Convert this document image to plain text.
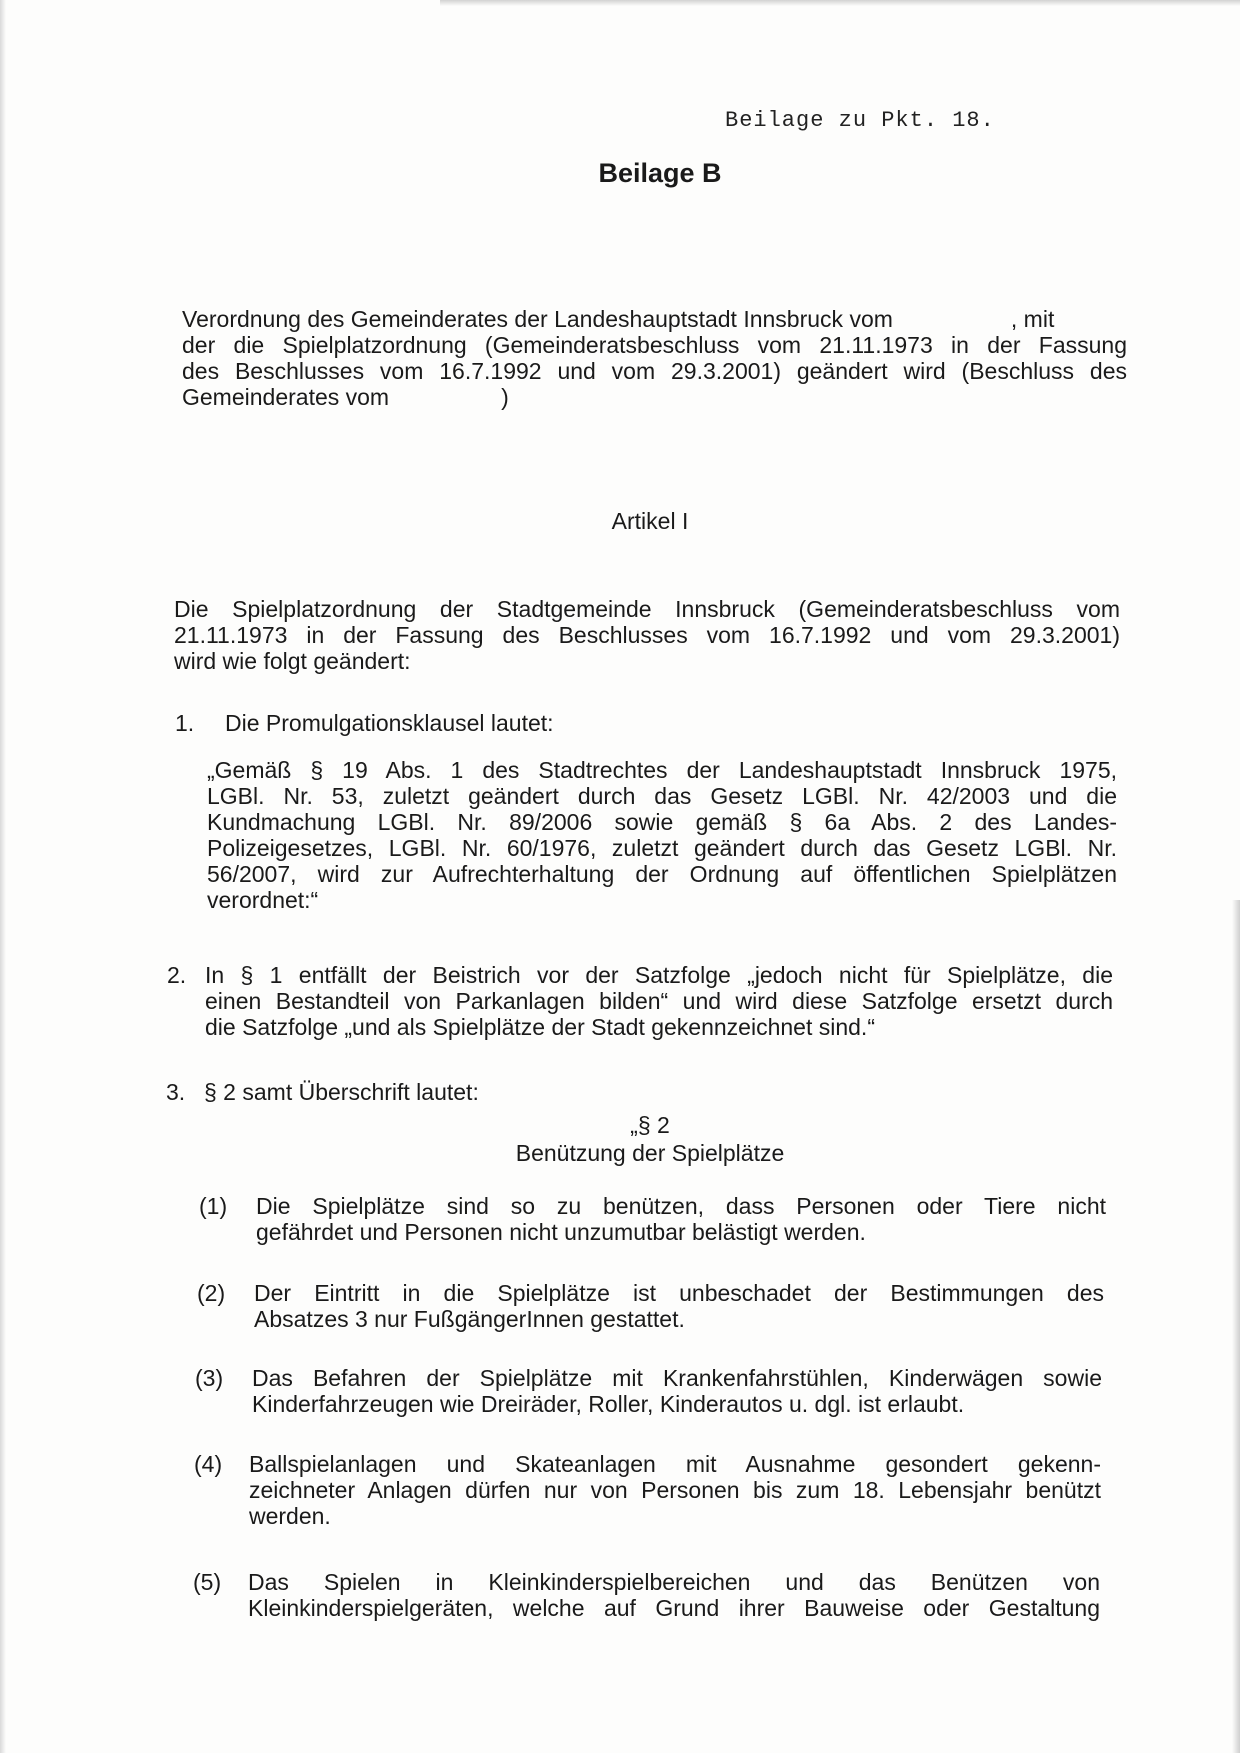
Beilage zu Pkt. 18.
Beilage B
Verordnung des Gemeinderates der Landeshauptstadt Innsbruck vom	, mit
der die Spielplatzordnung (Gemeinderatsbeschluss vom 21.11.1973 in der Fassung
des Beschlusses vom 16.7.1992 und vom 29.3.2001) geändert wird (Beschluss des
Gemeinderates vom	)
Artikel I
Die Spielplatzordnung der Stadtgemeinde Innsbruck (Gemeinderatsbeschluss vom
21.11.1973 in der Fassung des Beschlusses vom 16.7.1992 und vom 29.3.2001)
wird wie folgt geändert:
1. Die Promulgationsklausel lautet:
„Gemäß § 19 Abs. 1 des Stadtrechtes der Landeshauptstadt Innsbruck 1975,
LGBl. Nr. 53, zuletzt geändert durch das Gesetz LGBl. Nr. 42/2003 und die
Kundmachung LGBl. Nr. 89/2006 sowie gemäß § 6a Abs. 2 des Landes-
Polizeigesetzes, LGBl. Nr. 60/1976, zuletzt geändert durch das Gesetz LGBl. Nr.
56/2007, wird zur Aufrechterhaltung der Ordnung auf öffentlichen Spielplätzen
verordnet:“
2. In § 1 entfällt der Beistrich vor der Satzfolge „jedoch nicht für Spielplätze, die
einen Bestandteil von Parkanlagen bilden“ und wird diese Satzfolge ersetzt durch
die Satzfolge „und als Spielplätze der Stadt gekennzeichnet sind.“
3. § 2 samt Überschrift lautet:
„§ 2
Benützung der Spielplätze
(1) Die Spielplätze sind so zu benützen, dass Personen oder Tiere nicht
gefährdet und Personen nicht unzumutbar belästigt werden.
(2) Der Eintritt in die Spielplätze ist unbeschadet der Bestimmungen des
Absatzes 3 nur FußgängerInnen gestattet.
(3) Das Befahren der Spielplätze mit Krankenfahrstühlen, Kinderwägen sowie
Kinderfahrzeugen wie Dreiräder, Roller, Kinderautos u. dgl. ist erlaubt.
(4) Ballspielanlagen und Skateanlagen mit Ausnahme gesondert gekenn-
zeichneter Anlagen dürfen nur von Personen bis zum 18. Lebensjahr benützt
werden.
(5) Das Spielen in Kleinkinderspielbereichen und das Benützen von
Kleinkinderspielgeräten, welche auf Grund ihrer Bauweise oder Gestaltung
